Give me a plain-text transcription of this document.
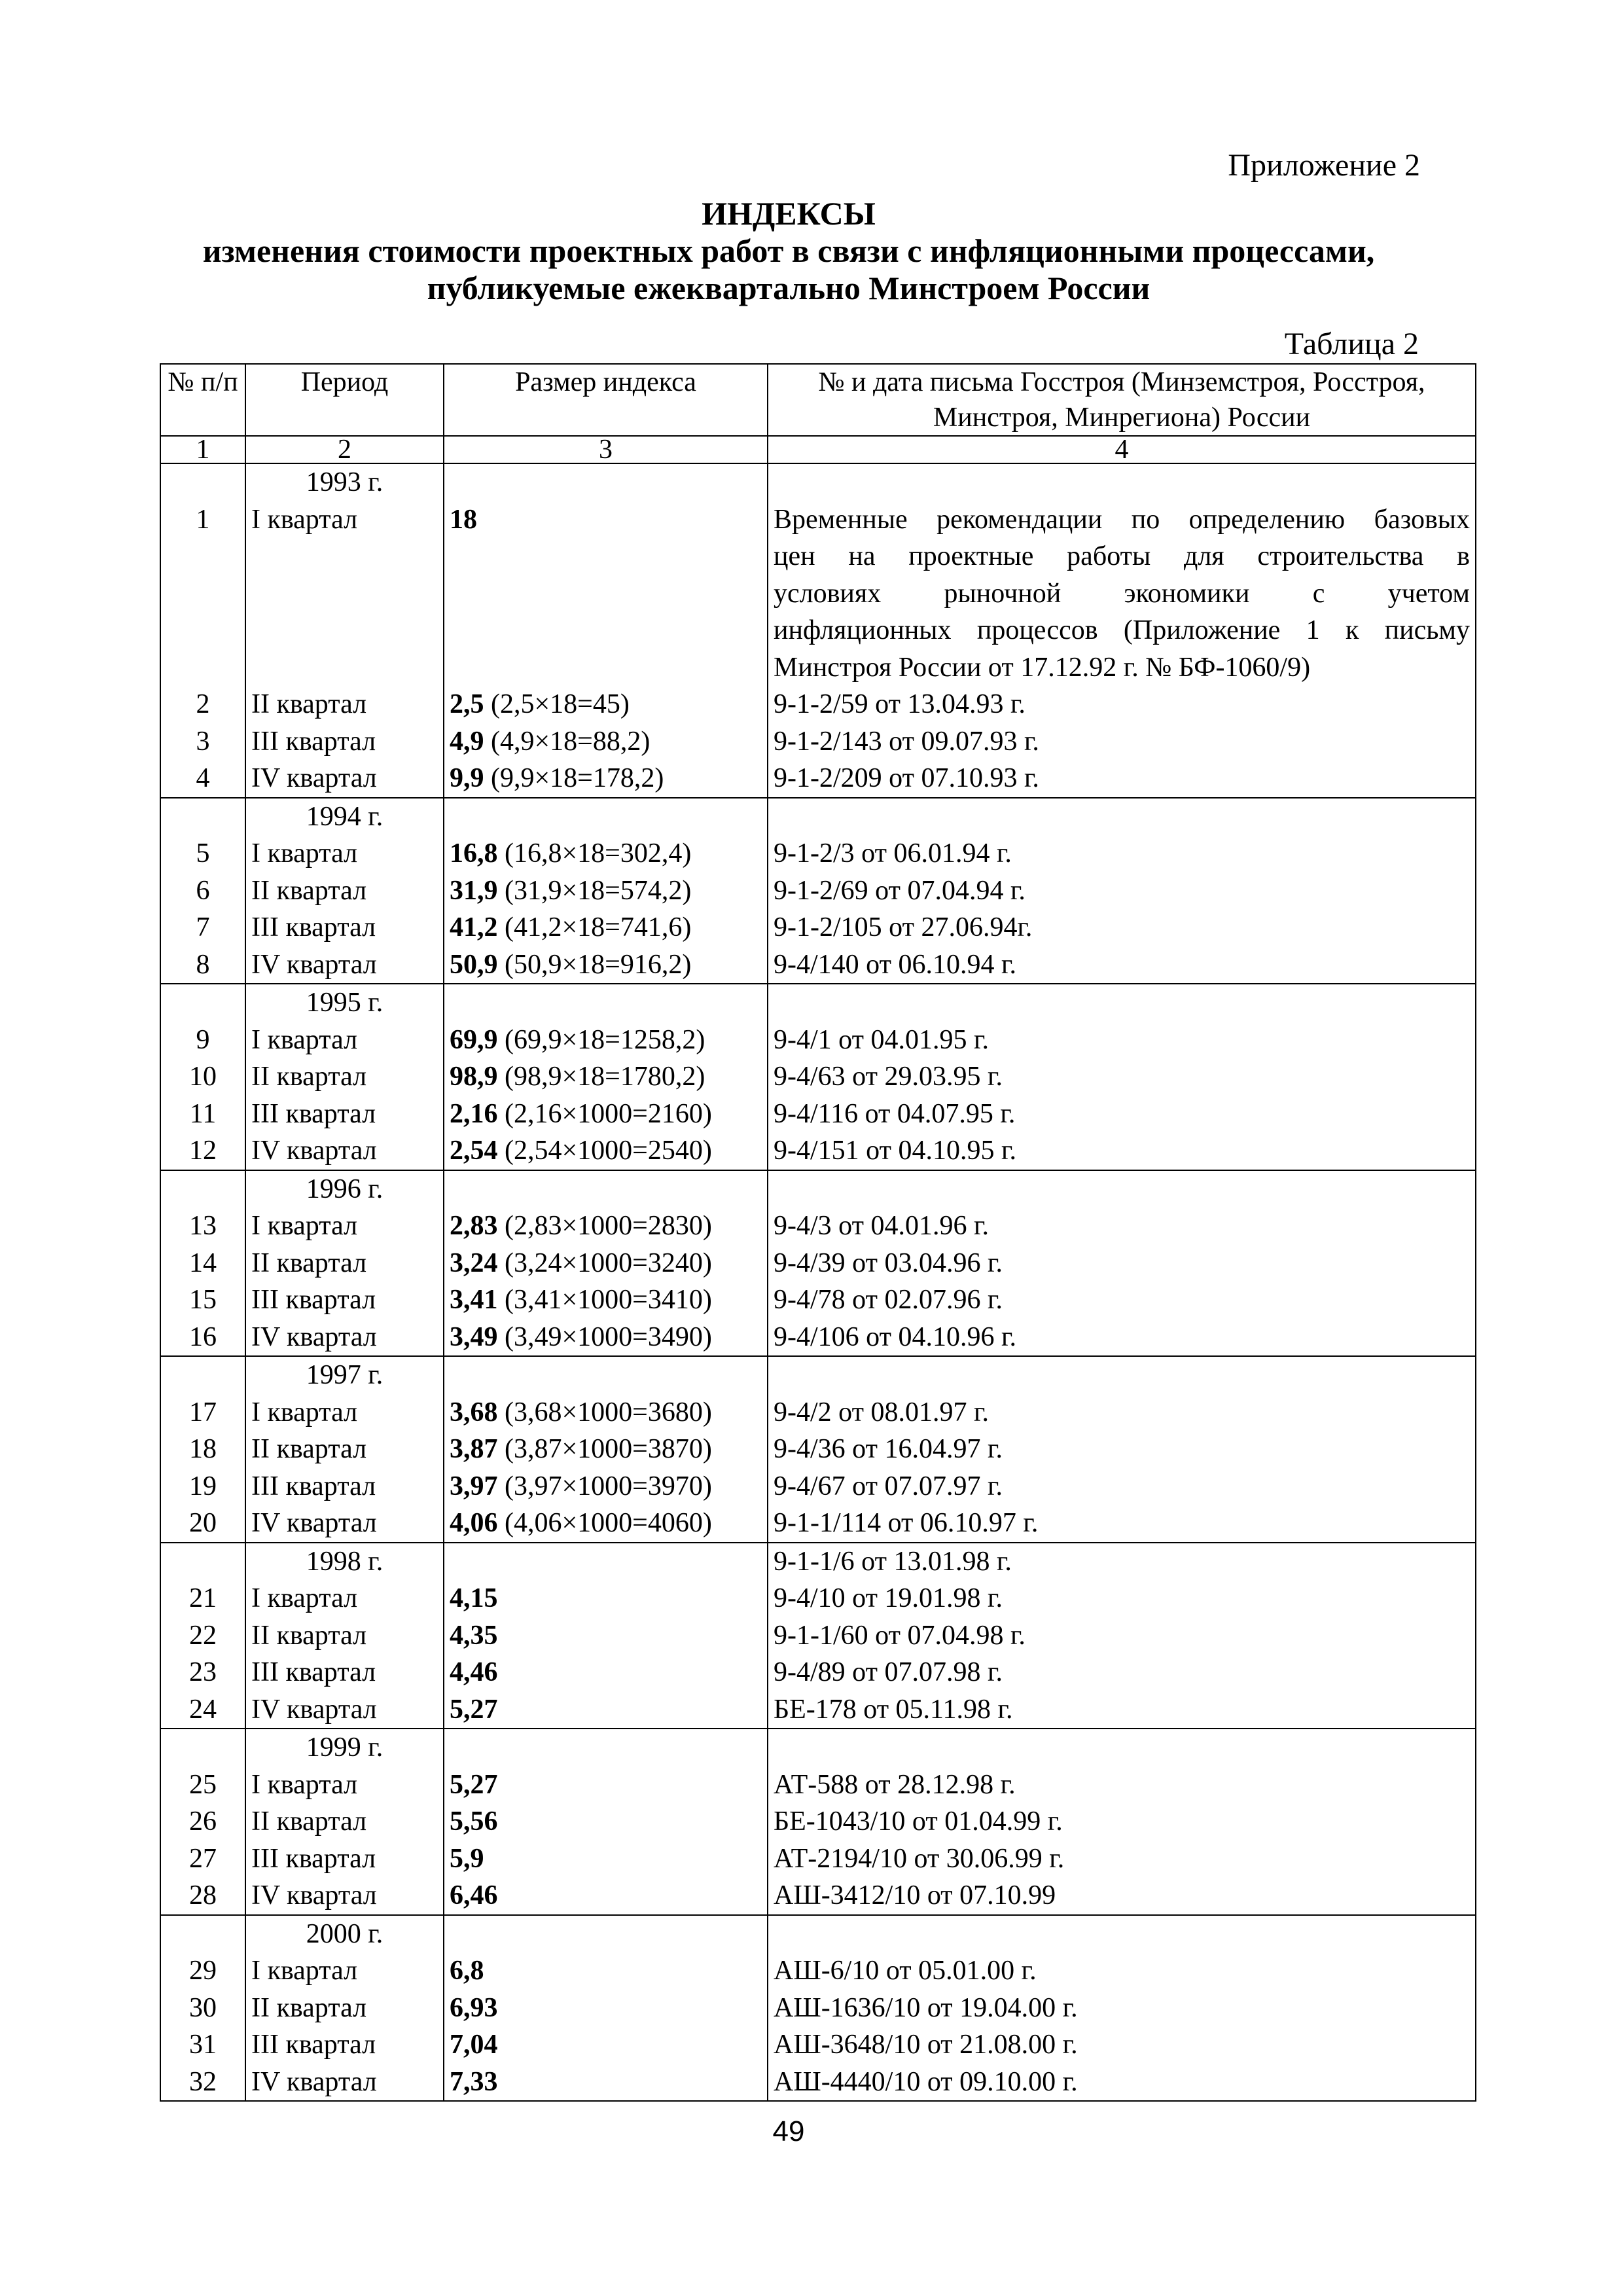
Приложение 2
ИНДЕКСЫ
изменения стоимости проектных работ в связи с инфляционными процессами,
публикуемые ежеквартально Минстроем России
Таблица 2
№ п/п	Период	Размер индекса	№ и дата письма Госстроя (Минземстроя, Росстроя, Минстроя, Минрегиона) России
1	2	3	4
	1993 г.		
1	I квартал	18	Временные рекомендации по определению базовых
цен на проектные работы для строительства в
условиях рыночной экономики с учетом
инфляционных процессов (Приложение 1 к письму
Минстроя России от 17.12.92 г. № БФ-1060/9)

2	II квартал	2,5 (2,5×18=45)	9-1-2/59 от 13.04.93 г.
3	III квартал	4,9 (4,9×18=88,2)	9-1-2/143 от 09.07.93 г.
4	IV квартал	9,9 (9,9×18=178,2)	9-1-2/209 от 07.10.93 г.
	1994 г.		
5	I квартал	16,8 (16,8×18=302,4)	9-1-2/3 от 06.01.94 г.
6	II квартал	31,9 (31,9×18=574,2)	9-1-2/69 от 07.04.94 г.
7	III квартал	41,2 (41,2×18=741,6)	9-1-2/105 от 27.06.94г.
8	IV квартал	50,9 (50,9×18=916,2)	9-4/140 от 06.10.94 г.
	1995 г.		
9	I квартал	69,9 (69,9×18=1258,2)	9-4/1 от 04.01.95 г.
10	II квартал	98,9 (98,9×18=1780,2)	9-4/63 от 29.03.95 г.
11	III квартал	2,16 (2,16×1000=2160)	9-4/116 от 04.07.95 г.
12	IV квартал	2,54 (2,54×1000=2540)	9-4/151 от 04.10.95 г.
	1996 г.		
13	I квартал	2,83 (2,83×1000=2830)	9-4/3 от 04.01.96 г.
14	II квартал	3,24 (3,24×1000=3240)	9-4/39 от 03.04.96 г.
15	III квартал	3,41 (3,41×1000=3410)	9-4/78 от 02.07.96 г.
16	IV квартал	3,49 (3,49×1000=3490)	9-4/106 от 04.10.96 г.
	1997 г.		
17	I квартал	3,68 (3,68×1000=3680)	9-4/2 от 08.01.97 г.
18	II квартал	3,87 (3,87×1000=3870)	9-4/36 от 16.04.97 г.
19	III квартал	3,97 (3,97×1000=3970)	9-4/67 от 07.07.97 г.
20	IV квартал	4,06 (4,06×1000=4060)	9-1-1/114 от 06.10.97 г.
	1998 г.		9-1-1/6 от 13.01.98 г.
21	I квартал	4,15	9-4/10 от 19.01.98 г.
22	II квартал	4,35	9-1-1/60 от 07.04.98 г.
23	III квартал	4,46	9-4/89 от 07.07.98 г.
24	IV квартал	5,27	БЕ-178 от 05.11.98 г.
	1999 г.		
25	I квартал	5,27	АТ-588 от 28.12.98 г.
26	II квартал	5,56	БЕ-1043/10 от 01.04.99 г.
27	III квартал	5,9	АТ-2194/10 от 30.06.99 г.
28	IV квартал	6,46	АШ-3412/10 от 07.10.99
	2000 г.		
29	I квартал	6,8	АШ-6/10 от 05.01.00 г.
30	II квартал	6,93	АШ-1636/10 от 19.04.00 г.
31	III квартал	7,04	АШ-3648/10 от 21.08.00 г.
32	IV квартал	7,33	АШ-4440/10 от 09.10.00 г.
49
